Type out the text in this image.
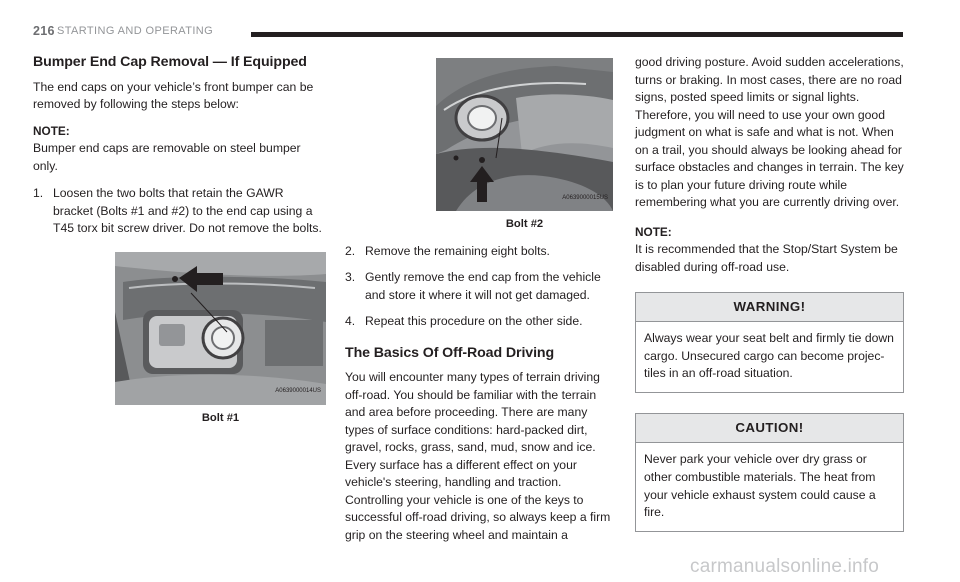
216 STARTING AND OPERATING
Bumper End Cap Removal — If Equipped

The end caps on your vehicle’s front bumper can be removed by following the steps below:

NOTE:
Bumper end caps are removable on steel bumper only.
1. Loosen the two bolts that retain the GAWR bracket (Bolts #1 and #2) to the end cap using a T45 torx bit screw driver. Do not remove the bolts.
A0639000014US
Bolt #1
A0639000015US
Bolt #2
2. Remove the remaining eight bolts.
3. Gently remove the end cap from the vehicle and store it where it will not get damaged.
4. Repeat this procedure on the other side.
The Basics Of Off-Road Driving

You will encounter many types of terrain driving off-road. You should be familiar with the terrain and area before proceeding. There are many types of surface conditions: hard-packed dirt, gravel, rocks, grass, sand, mud, snow and ice. Every surface has a different effect on your vehicle's steering, handling and traction. Controlling your vehicle is one of the keys to successful off-road driving, so always keep a firm grip on the steering wheel and maintain a

good driving posture. Avoid sudden accelerations, turns or braking. In most cases, there are no road signs, posted speed limits or signal lights. Therefore, you will need to use your own good judgment on what is safe and what is not. When on a trail, you should always be looking ahead for surface obstacles and changes in terrain. The key is to plan your future driving route while remembering what you are currently driving over.

NOTE:
It is recommended that the Stop/Start System be disabled during off-road use.
WARNING!
Always wear your seat belt and firmly tie down cargo. Unsecured cargo can become projec-tiles in an off-road situation.
CAUTION!
Never park your vehicle over dry grass or other combustible materials. The heat from your vehicle exhaust system could cause a fire.
carmanualsonline.info
